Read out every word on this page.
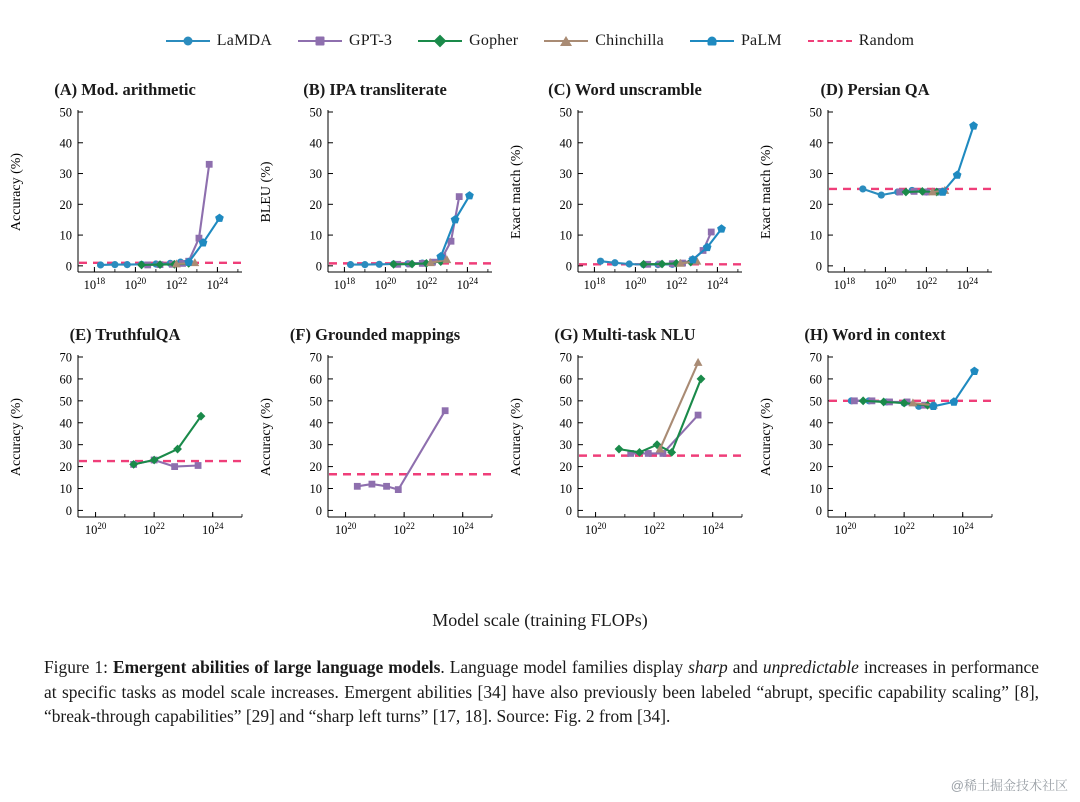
LaMDA	GPT-3	Gopher	Chinchilla	PaLM	Random
(A) Mod. arithmetic
0
10
20
30
40
50
$10^{18}$ $10^{20}$ $10^{22}$ $10^{24}$
Accuracy (%)
(B) IPA transliterate
0
10
20
30
40
50
$10^{18}$ $10^{20}$ $10^{22}$ $10^{24}$
BLEU (%)
(C) Word unscramble
0
10
20
30
40
50
$10^{18}$ $10^{20}$ $10^{22}$ $10^{24}$
Exact match (%)
(D) Persian QA
0
10
20
30
40
50
$10^{18}$ $10^{20}$ $10^{22}$ $10^{24}$
Exact match (%)
(E) TruthfulQA
0
10
20
30
40
50
60
70
$10^{20}$	$10^{22}$	$10^{24}$
Accuracy (%)
(F) Grounded mappings
0
10
20
30
40
50
60
70
$10^{20}$	$10^{22}$	$10^{24}$
Accuracy (%)
(G) Multi-task NLU
0
10
20
30
40
50
60
70
$10^{20}$	$10^{22}$	$10^{24}$
Accuracy (%)
(H) Word in context
0
10
20
30
40
50
60
70
$10^{20}$	$10^{22}$	$10^{24}$
Accuracy (%)
Model scale (training FLOPs)
Figure 1: Emergent abilities of large language models. Language model families display sharp and unpredictable increases in performance at specific tasks as model scale increases. Emergent abilities [34] have also previously been labeled “abrupt, specific capability scaling” [8], “break-through capabilities” [29] and “sharp left turns” [17, 18]. Source: Fig. 2 from [34].
@稀土掘金技术社区
